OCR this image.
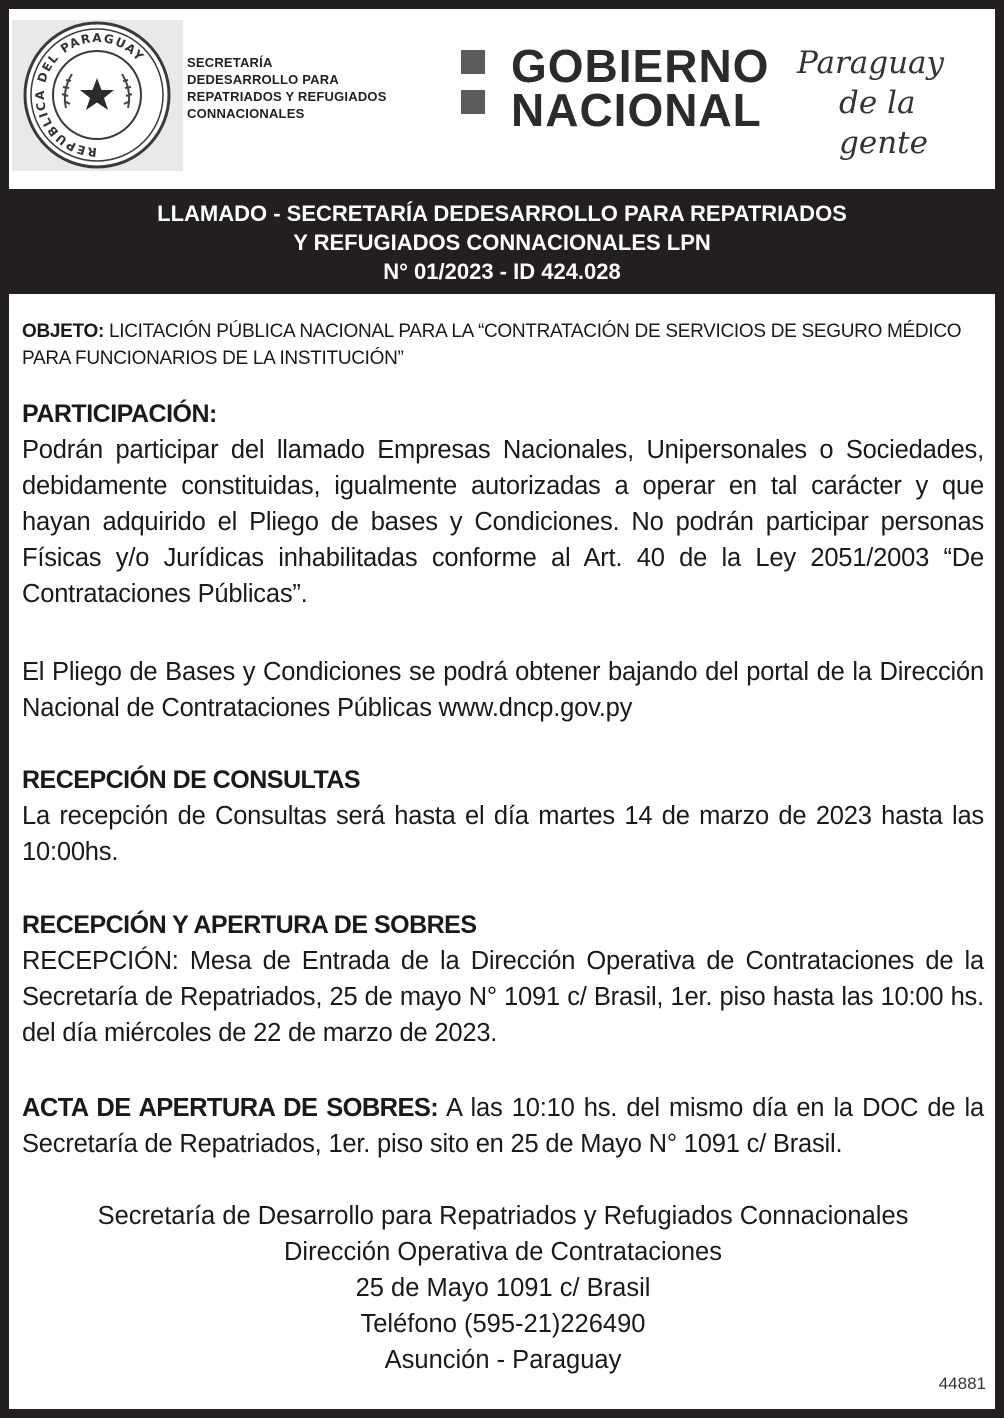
REPUBLICA DEL PARAGUAY	SECRETARÍA
DEDESARROLLO PARA
REPATRIADOS Y REFUGIADOS
CONNACIONALES
GOBIERNO
NACIONAL
Paraguay
de la gente
LLAMADO - SECRETARÍA DEDESARROLLO PARA REPATRIADOS
Y REFUGIADOS CONNACIONALES LPN
N° 01/2023 - ID 424.028
OBJETO: LICITACIÓN PÚBLICA NACIONAL PARA LA “CONTRATACIÓN DE SERVICIOS DE SEGURO MÉDICO PARA FUNCIONARIOS DE LA INSTITUCIÓN”
PARTICIPACIÓN:
Podrán participar del llamado Empresas Nacionales, Unipersonales o Sociedades, debidamente constituidas, igualmente autorizadas a operar en tal carácter y que hayan adquirido el Pliego de bases y Condiciones. No podrán participar personas Físicas y/o Jurídicas inhabilitadas conforme al Art. 40 de la Ley 2051/2003 “De Contrataciones Públicas”.
El Pliego de Bases y Condiciones se podrá obtener bajando del portal de la Dirección Nacional de Contrataciones Públicas www.dncp.gov.py
RECEPCIÓN DE CONSULTAS
La recepción de Consultas será hasta el día martes 14 de marzo de 2023 hasta las 10:00hs.
RECEPCIÓN Y APERTURA DE SOBRES
RECEPCIÓN: Mesa de Entrada de la Dirección Operativa de Contrataciones de la Secretaría de Repatriados, 25 de mayo N° 1091 c/ Brasil, 1er. piso hasta las 10:00 hs. del día miércoles de 22 de marzo de 2023.
ACTA DE APERTURA DE SOBRES: A las 10:10 hs. del mismo día en la DOC de la Secretaría de Repatriados, 1er. piso sito en 25 de Mayo N° 1091 c/ Brasil.
Secretaría de Desarrollo para Repatriados y Refugiados Connacionales
Dirección Operativa de Contrataciones
25 de Mayo 1091 c/ Brasil
Teléfono (595-21)226490
Asunción - Paraguay
44881
